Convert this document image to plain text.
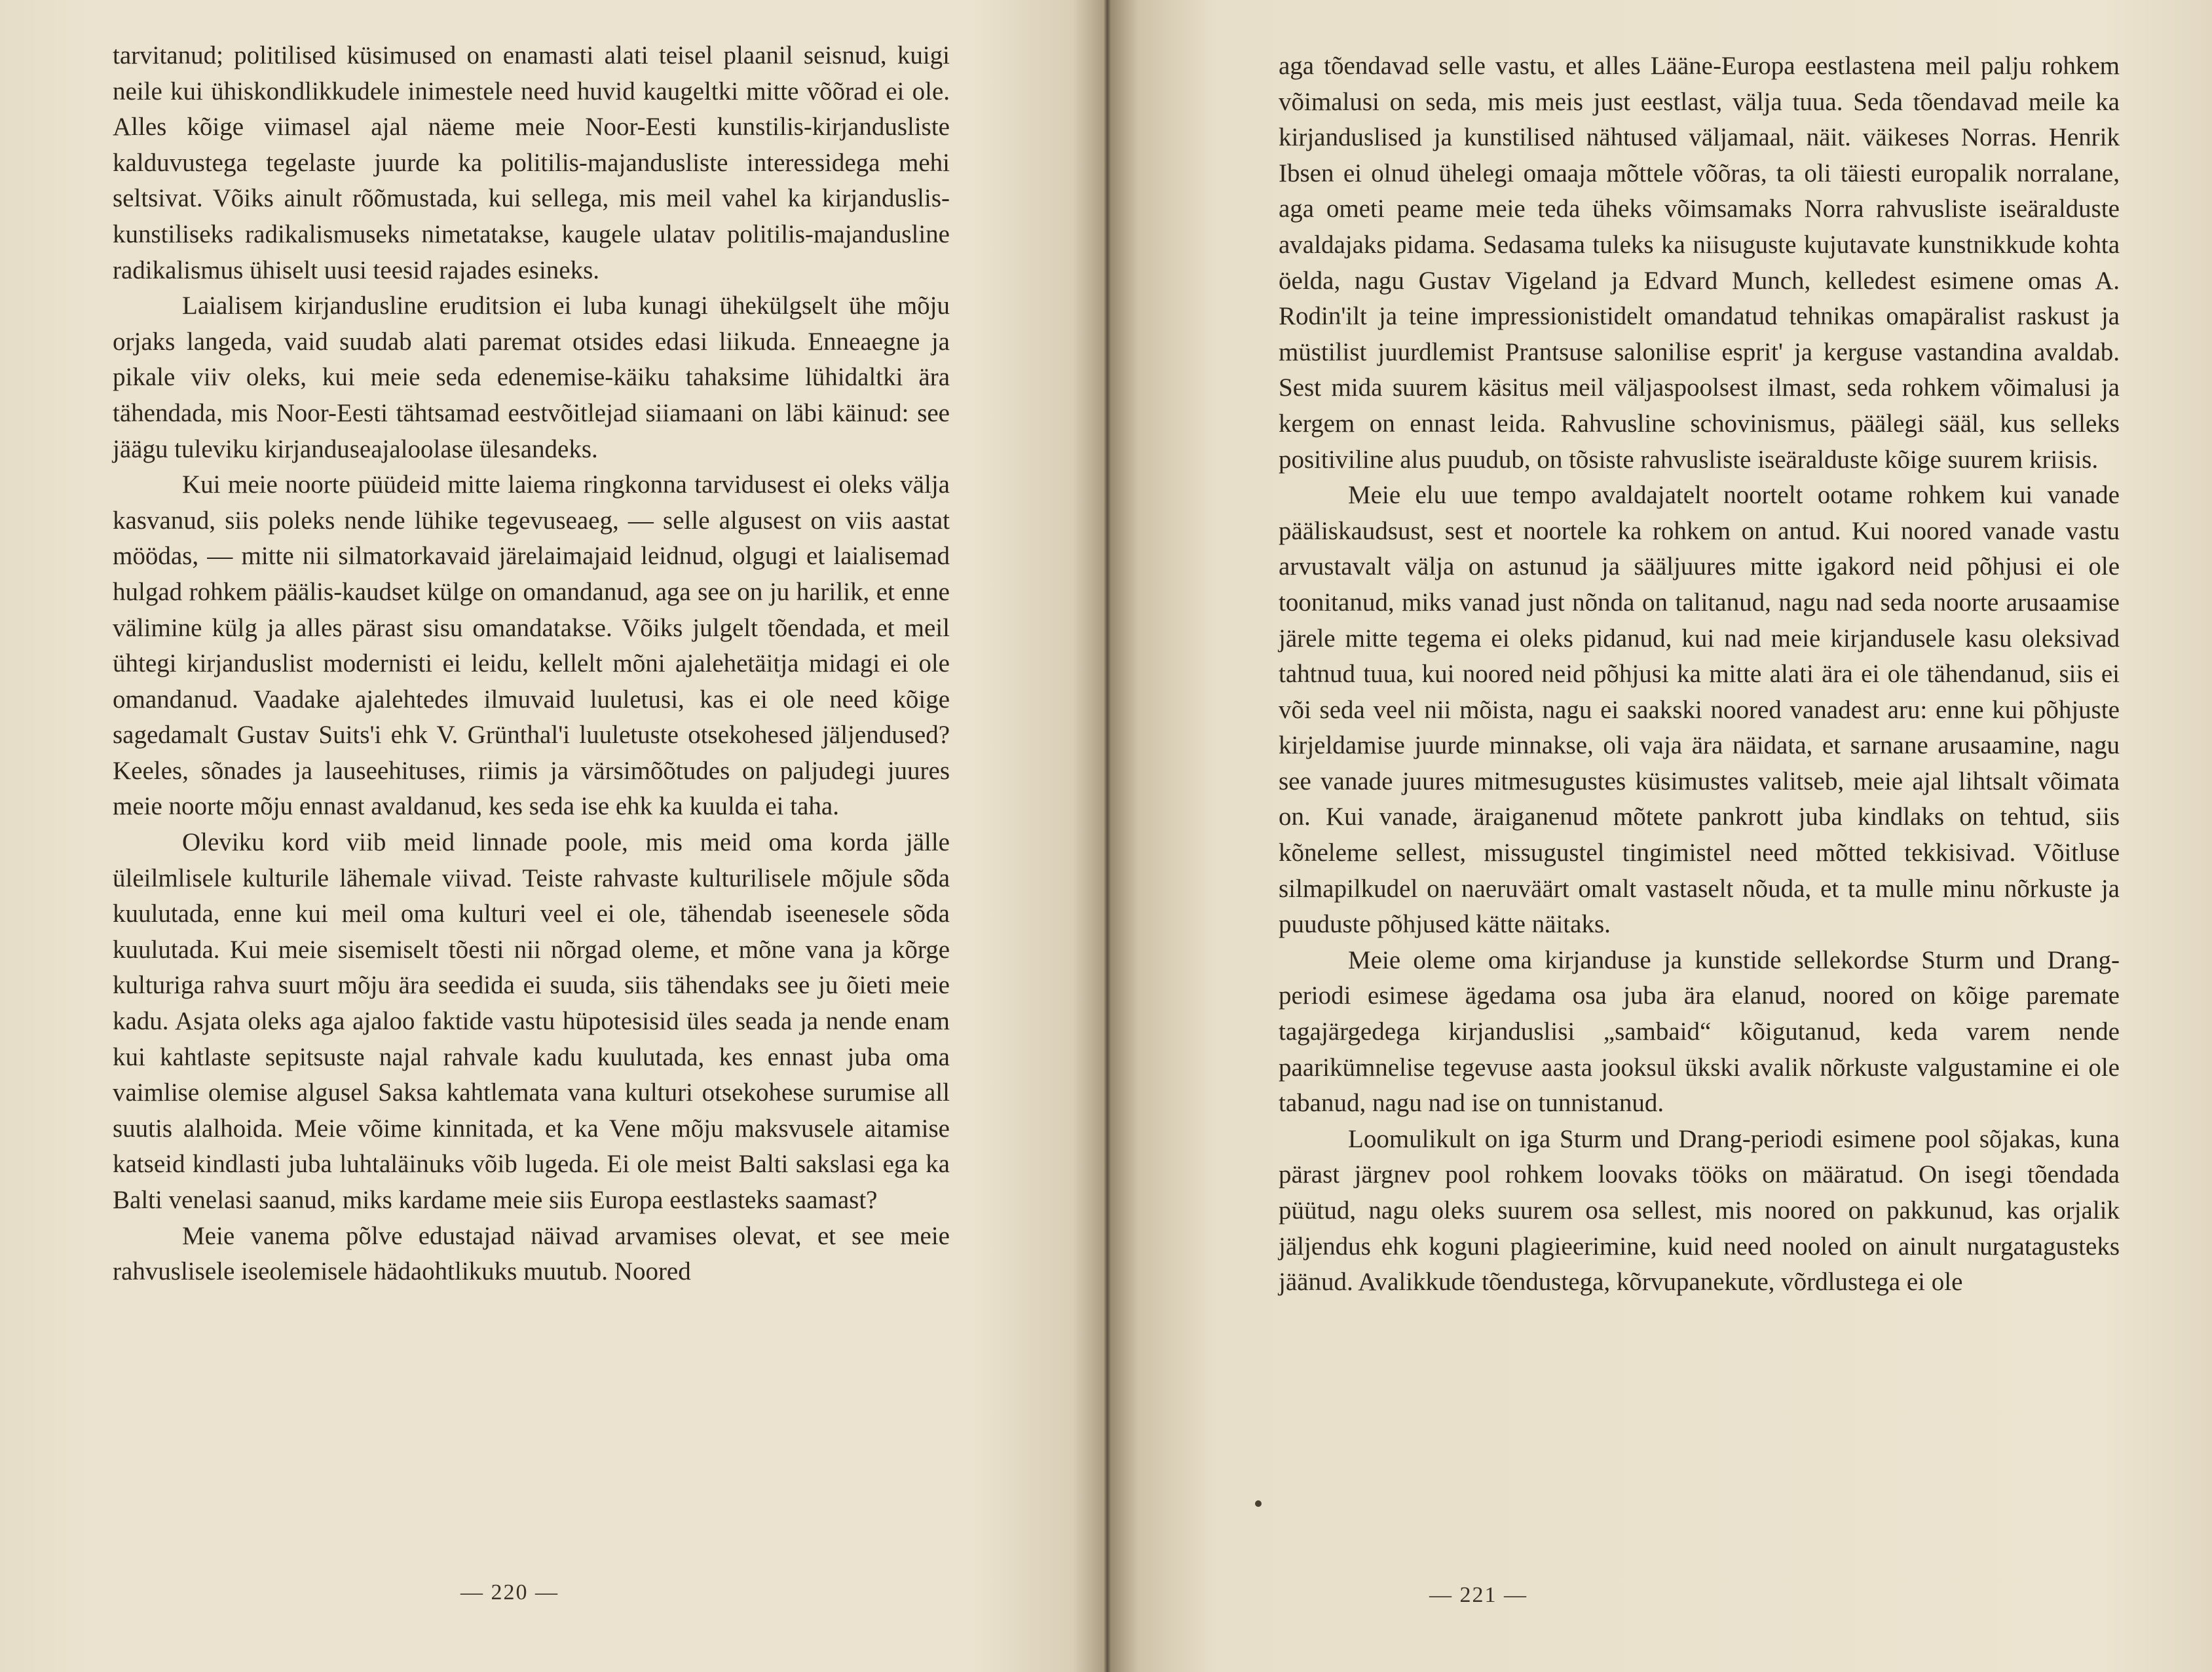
tarvitanud; politilised küsimused on enamasti alati teisel plaanil seisnud, kuigi neile kui ühiskondlikkudele inimestele need huvid kaugeltki mitte võõrad ei ole. Alles kõige viimasel ajal näeme meie Noor-Eesti kunstilis-kirjanduslistе kalduvustega tegelaste juurde ka politilis-majanduslistе interessidega mehi seltsivat. Võiks ainult rõõmustada, kui sellega, mis meil vahel ka kirjanduslis-kunstiliseks radikalismuseks nimetatakse, kaugele ulatav politilis-majandusline radikalismus ühiselt uusi teesid rajades esineks.

Laialisem kirjandusline eruditsion ei luba kunagi ühekülgselt ühe mõju orjaks langeda, vaid suudab alati paremat otsides edasi liikuda. Enneaegne ja pikale viiv oleks, kui meie seda edenemise-käiku tahaksime lühidaltki ära tähendada, mis Noor-Eesti tähtsamad eestvõitlejad siiamaani on läbi käinud: see jäägu tuleviku kirjanduseajaloolase ülesandeks.

Kui meie noorte püüdeid mitte laiema ringkonna tarvidusest ei oleks välja kasvanud, siis poleks nende lühike tegevuseaeg, — selle algusest on viis aastat möödas, — mitte nii silmatorkavaid järelaimajaid leidnud, olgugi et laialisemad hulgad rohkem päälis-kaudset külge on omandanud, aga see on ju harilik, et enne välimine külg ja alles pärast sisu omandatakse. Võiks julgelt tõendada, et meil ühtegi kirjanduslist modernisti ei leidu, kellelt mõni ajalehetäitja midagi ei ole omandanud. Vaadake ajalehtedes ilmuvaid luuletusi, kas ei ole need kõige sagedamalt Gustav Suits'i ehk V. Grünthal'i luuletuste otsekohesed jäljendused? Keeles, sõnades ja lauseehituses, riimis ja värsimõõtudes on paljudegi juures meie noorte mõju ennast avaldanud, kes seda ise ehk ka kuulda ei taha.

Oleviku kord viib meid linnade poole, mis meid oma korda jälle üleilmlisele kulturile lähemale viivad. Teiste rahvaste kulturilisele mõjule sõda kuulutada, enne kui meil oma kulturi veel ei ole, tähendab iseenesele sõda kuulutada. Kui meie sisemiselt tõesti nii nõrgad oleme, et mõne vana ja kõrge kulturiga rahva suurt mõju ära seedida ei suuda, siis tähendaks see ju õieti meie kadu. Asjata oleks aga ajaloo faktide vastu hüpotesisid üles seada ja nende enam kui kahtlaste sepitsuste najal rahvale kadu kuulutada, kes ennast juba oma vaimlise olemise algusel Saksa kahtlemata vana kulturi otsekohese surumise all suutis alalhoida. Meie võime kinnitada, et ka Vene mõju maksvusele aitamise katseid kindlasti juba luhtaläinuks võib lugeda. Ei ole meist Balti sakslasi ega ka Balti venelasi saanud, miks kardame meie siis Europa eestlasteks saamast?

Meie vanema põlve edustajad näivad arvamises olevat, et see meie rahvuslisele iseolemisele hädaohtlikuks muutub. Noored

— 220 —

aga tõendavad selle vastu, et alles Lääne-Europa eestlastena meil palju rohkem võimalusi on seda, mis meis just eestlast, välja tuua. Seda tõendavad meile ka kirjanduslised ja kunstilised nähtused väljamaal, näit. väikeses Norras. Henrik Ibsen ei olnud ühelegi omaaja mõttele võõras, ta oli täiesti europalik norralane, aga ometi peame meie teda üheks võimsamaks Norra rahvusliste iseäralduste avaldajaks pidama. Sedasama tuleks ka niisuguste kujutavate kunstnikkude kohta öelda, nagu Gustav Vigeland ja Edvard Munch, kelledest esimene omas A. Rodin'ilt ja teine impressionistidelt omandatud tehnikas omapäralist raskust ja müstilist juurdlemist Prantsuse salonilise esprit' ja kerguse vastandina avaldab. Sest mida suurem käsitus meil väljaspoolsest ilmast, seda rohkem võimalusi ja kergem on ennast leida. Rahvusline schovinismus, päälegi sääl, kus selleks positiviline alus puudub, on tõsiste rahvusliste iseäralduste kõige suurem kriisis.

Meie elu uue tempo avaldajatelt noortelt ootame rohkem kui vanade pääliskaudsust, sest et noortele ka rohkem on antud. Kui noored vanade vastu arvustavalt välja on astunud ja sääljuures mitte igakord neid põhjusi ei ole toonitanud, miks vanad just nõnda on talitanud, nagu nad seda noorte arusaamise järele mitte tegema ei oleks pidanud, kui nad meie kirjandusele kasu oleksivad tahtnud tuua, kui noored neid põhjusi ka mitte alati ära ei ole tähendanud, siis ei või seda veel nii mõista, nagu ei saakski noored vanadest aru: enne kui põhjuste kirjeldamise juurde minnakse, oli vaja ära näidata, et sarnane arusaamine, nagu see vanade juures mitmesugustes küsimustes valitseb, meie ajal lihtsalt võimata on. Kui vanade, äraiganenud mõtete pankrott juba kindlaks on tehtud, siis kõneleme sellest, missugustel tingimistel need mõtted tekkisivad. Võitluse silmapilkudel on naeruväärt omalt vastaselt nõuda, et ta mulle minu nõrkuste ja puuduste põhjused kätte näitaks.

Meie oleme oma kirjanduse ja kunstide sellekordse Sturm und Drang-periodi esimese ägedama osa juba ära elanud, noored on kõige paremate tagajärgedega kirjanduslisi „sambaid“ kõigutanud, keda varem nende paarikümnelise tegevuse aasta jooksul ükski avalik nõrkuste valgustamine ei ole tabanud, nagu nad ise on tunnistanud.

Loomulikult on iga Sturm und Drang-periodi esimene pool sõjakas, kuna pärast järgnev pool rohkem loovaks tööks on määratud. On isegi tõendada püütud, nagu oleks suurem osa sellest, mis noored on pakkunud, kas orjalik jäljendus ehk koguni plagieerimine, kuid need nooled on ainult nurgatagusteks jäänud. Avalikkude tõendustega, kõrvupanekute, võrdlustega ei ole

— 221 —
